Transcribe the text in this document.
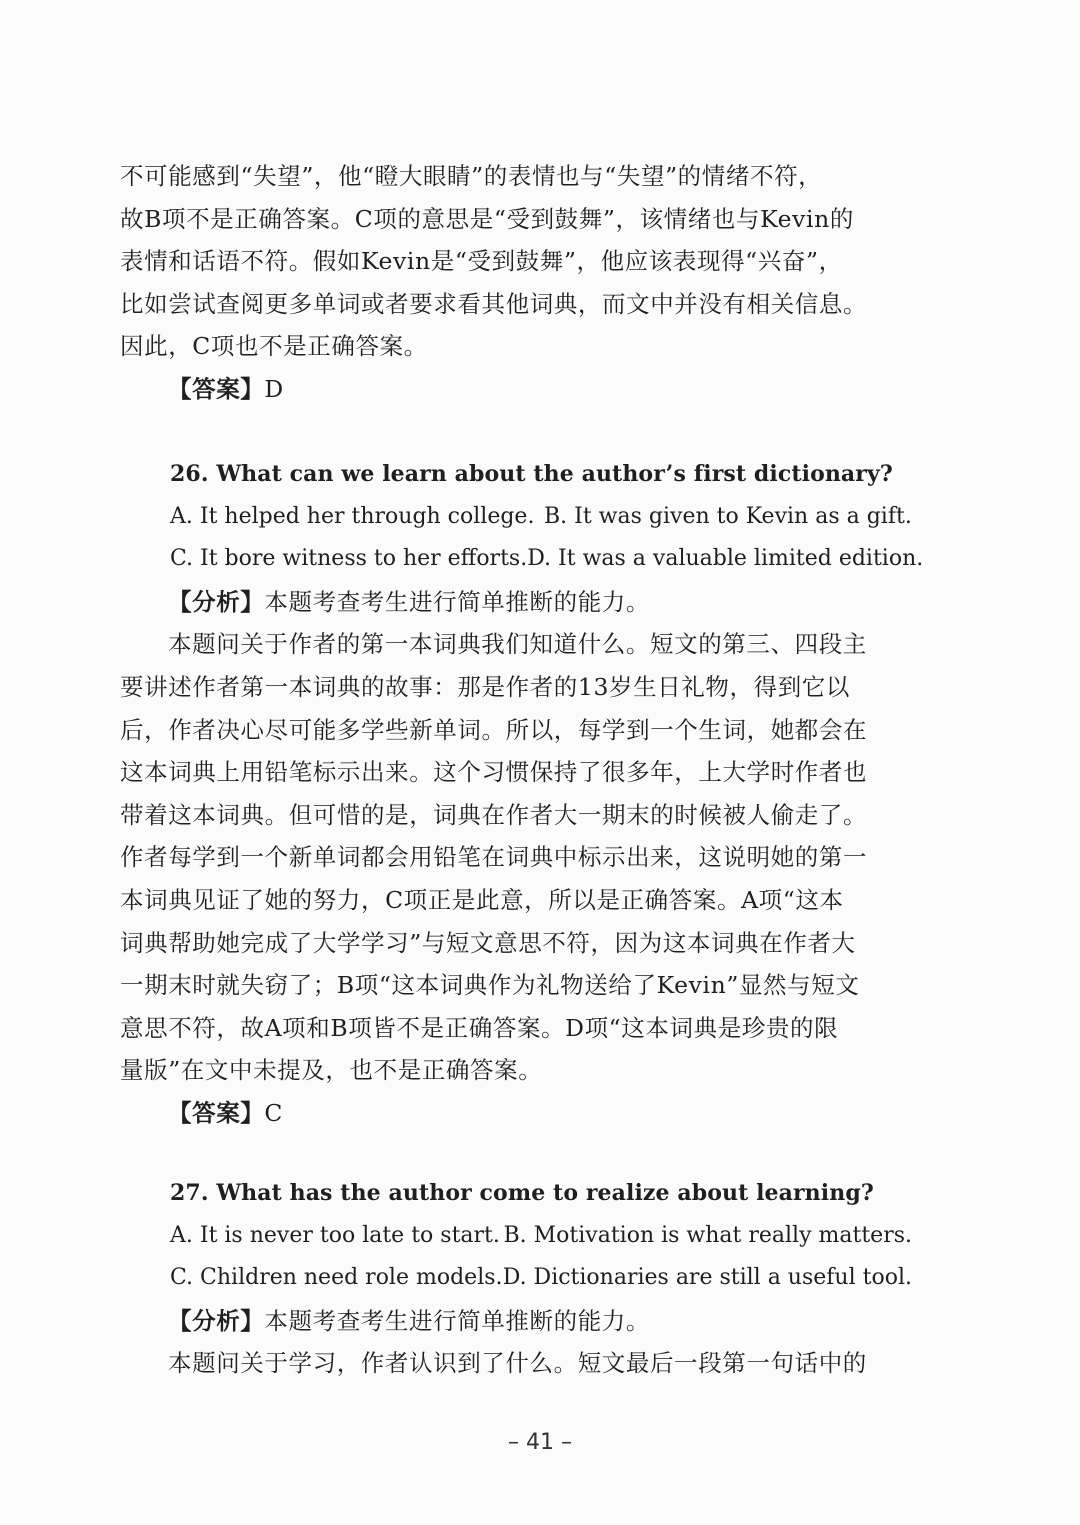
不可能感到“失望”，他“瞪大眼睛”的表情也与“失望”的情绪不符，
故B项不是正确答案。C项的意思是“受到鼓舞”，该情绪也与Kevin的
表情和话语不符。假如Kevin是“受到鼓舞”，他应该表现得“兴奋”，
比如尝试查阅更多单词或者要求看其他词典，而文中并没有相关信息。
因此，C项也不是正确答案。
【答案】D
26. What can we learn about the author’s first dictionary?
A. It helped her through college. B. It was given to Kevin as a gift.
C. It bore witness to her efforts. D. It was a valuable limited edition.
【分析】本题考查考生进行简单推断的能力。
本题问关于作者的第一本词典我们知道什么。短文的第三、四段主
要讲述作者第一本词典的故事：那是作者的13岁生日礼物，得到它以
后，作者决心尽可能多学些新单词。所以，每学到一个生词，她都会在
这本词典上用铅笔标示出来。这个习惯保持了很多年，上大学时作者也
带着这本词典。但可惜的是，词典在作者大一期末的时候被人偷走了。
作者每学到一个新单词都会用铅笔在词典中标示出来，这说明她的第一
本词典见证了她的努力，C项正是此意，所以是正确答案。A项“这本
词典帮助她完成了大学学习”与短文意思不符，因为这本词典在作者大
一期末时就失窃了；B项“这本词典作为礼物送给了Kevin”显然与短文
意思不符，故A项和B项皆不是正确答案。D项“这本词典是珍贵的限
量版”在文中未提及，也不是正确答案。
【答案】C
27. What has the author come to realize about learning?
A. It is never too late to start. B. Motivation is what really matters.
C. Children need role models. D. Dictionaries are still a useful tool.
【分析】本题考查考生进行简单推断的能力。
本题问关于学习，作者认识到了什么。短文最后一段第一句话中的
– 41 –
